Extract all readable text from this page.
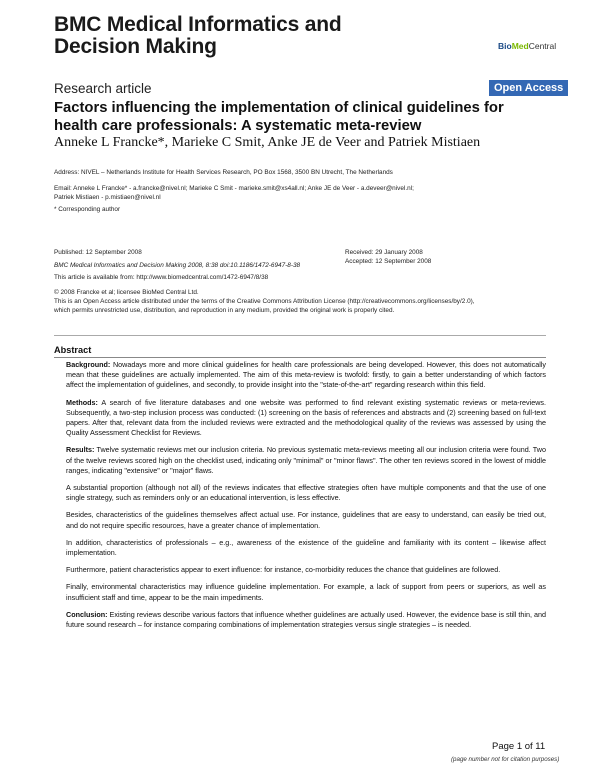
BMC Medical Informatics and
Decision Making	BioMedCentral
Research article	Open Access
Factors influencing the implementation of clinical guidelines for
health care professionals: A systematic meta-review
Anneke L Francke*, Marieke C Smit, Anke JE de Veer and Patriek Mistiaen
Address: NIVEL – Netherlands Institute for Health Services Research, PO Box 1568, 3500 BN Utrecht, The Netherlands
Email: Anneke L Francke* - a.francke@nivel.nl; Marieke C Smit - marieke.smit@xs4all.nl; Anke JE de Veer - a.deveer@nivel.nl;
Patriek Mistiaen - p.mistiaen@nivel.nl
* Corresponding author
Published: 12 September 2008
BMC Medical Informatics and Decision Making 2008, 8:38 doi:10.1186/1472-6947-8-38
This article is available from: http://www.biomedcentral.com/1472-6947/8/38
Received: 29 January 2008
Accepted: 12 September 2008
© 2008 Francke et al; licensee BioMed Central Ltd.
This is an Open Access article distributed under the terms of the Creative Commons Attribution License (http://creativecommons.org/licenses/by/2.0),
which permits unrestricted use, distribution, and reproduction in any medium, provided the original work is properly cited.
Abstract

Background: Nowadays more and more clinical guidelines for health care professionals are being developed. However, this does not automatically mean that these guidelines are actually implemented. The aim of this meta-review is twofold: firstly, to gain a better understanding of which factors affect the implementation of guidelines, and secondly, to provide insight into the "state-of-the-art" regarding research within this field.

Methods: A search of five literature databases and one website was performed to find relevant existing systematic reviews or meta-reviews. Subsequently, a two-step inclusion process was conducted: (1) screening on the basis of references and abstracts and (2) screening based on full-text papers. After that, relevant data from the included reviews were extracted and the methodological quality of the reviews was assessed by using the Quality Assessment Checklist for Reviews.

Results: Twelve systematic reviews met our inclusion criteria. No previous systematic meta-reviews meeting all our inclusion criteria were found. Two of the twelve reviews scored high on the checklist used, indicating only "minimal" or "minor flaws". The other ten reviews scored in the lowest of middle ranges, indicating "extensive" or "major" flaws.

A substantial proportion (although not all) of the reviews indicates that effective strategies often have multiple components and that the use of one single strategy, such as reminders only or an educational intervention, is less effective.

Besides, characteristics of the guidelines themselves affect actual use. For instance, guidelines that are easy to understand, can easily be tried out, and do not require specific resources, have a greater chance of implementation.

In addition, characteristics of professionals – e.g., awareness of the existence of the guideline and familiarity with its content – likewise affect implementation.

Furthermore, patient characteristics appear to exert influence: for instance, co-morbidity reduces the chance that guidelines are followed.

Finally, environmental characteristics may influence guideline implementation. For example, a lack of support from peers or superiors, as well as insufficient staff and time, appear to be the main impediments.

Conclusion: Existing reviews describe various factors that influence whether guidelines are actually used. However, the evidence base is still thin, and future sound research – for instance comparing combinations of implementation strategies versus single strategies – is needed.

Page 1 of 11
(page number not for citation purposes)
